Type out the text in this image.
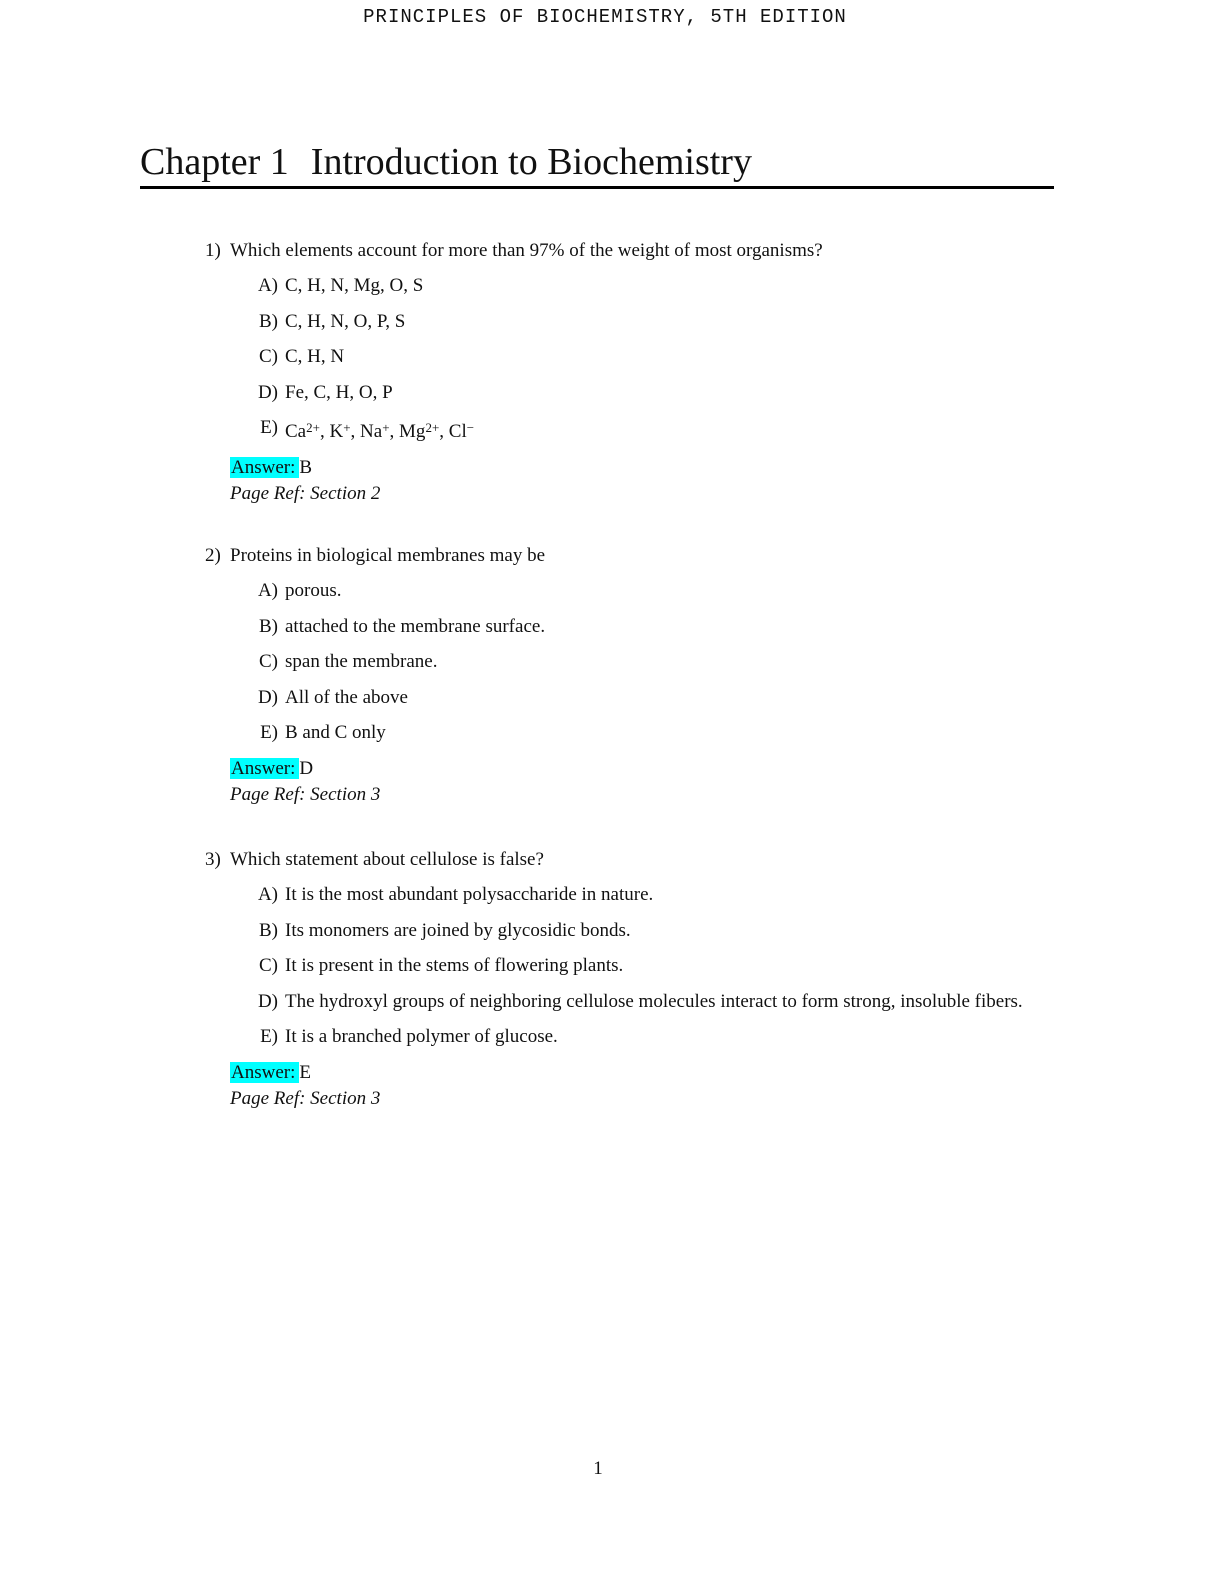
PRINCIPLES OF BIOCHEMISTRY, 5TH EDITION
Chapter 1 Introduction to Biochemistry
1) Which elements account for more than 97% of the weight of most organisms?
A) C, H, N, Mg, O, S
B) C, H, N, O, P, S
C) C, H, N
D) Fe, C, H, O, P
E) $Ca^{2+}$, K+, Na+, $Mg^{2+}$, Cl−
Answer: B
Page Ref: Section 2
2) Proteins in biological membranes may be
A) porous.
B) attached to the membrane surface.
C) span the membrane.
D) All of the above
E) B and C only
Answer: D
Page Ref: Section 3
3) Which statement about cellulose is false?
A) It is the most abundant polysaccharide in nature.
B) Its monomers are joined by glycosidic bonds.
C) It is present in the stems of flowering plants.
D) The hydroxyl groups of neighboring cellulose molecules interact to form strong, insoluble fibers.
E) It is a branched polymer of glucose.
Answer: E
Page Ref: Section 3
1
